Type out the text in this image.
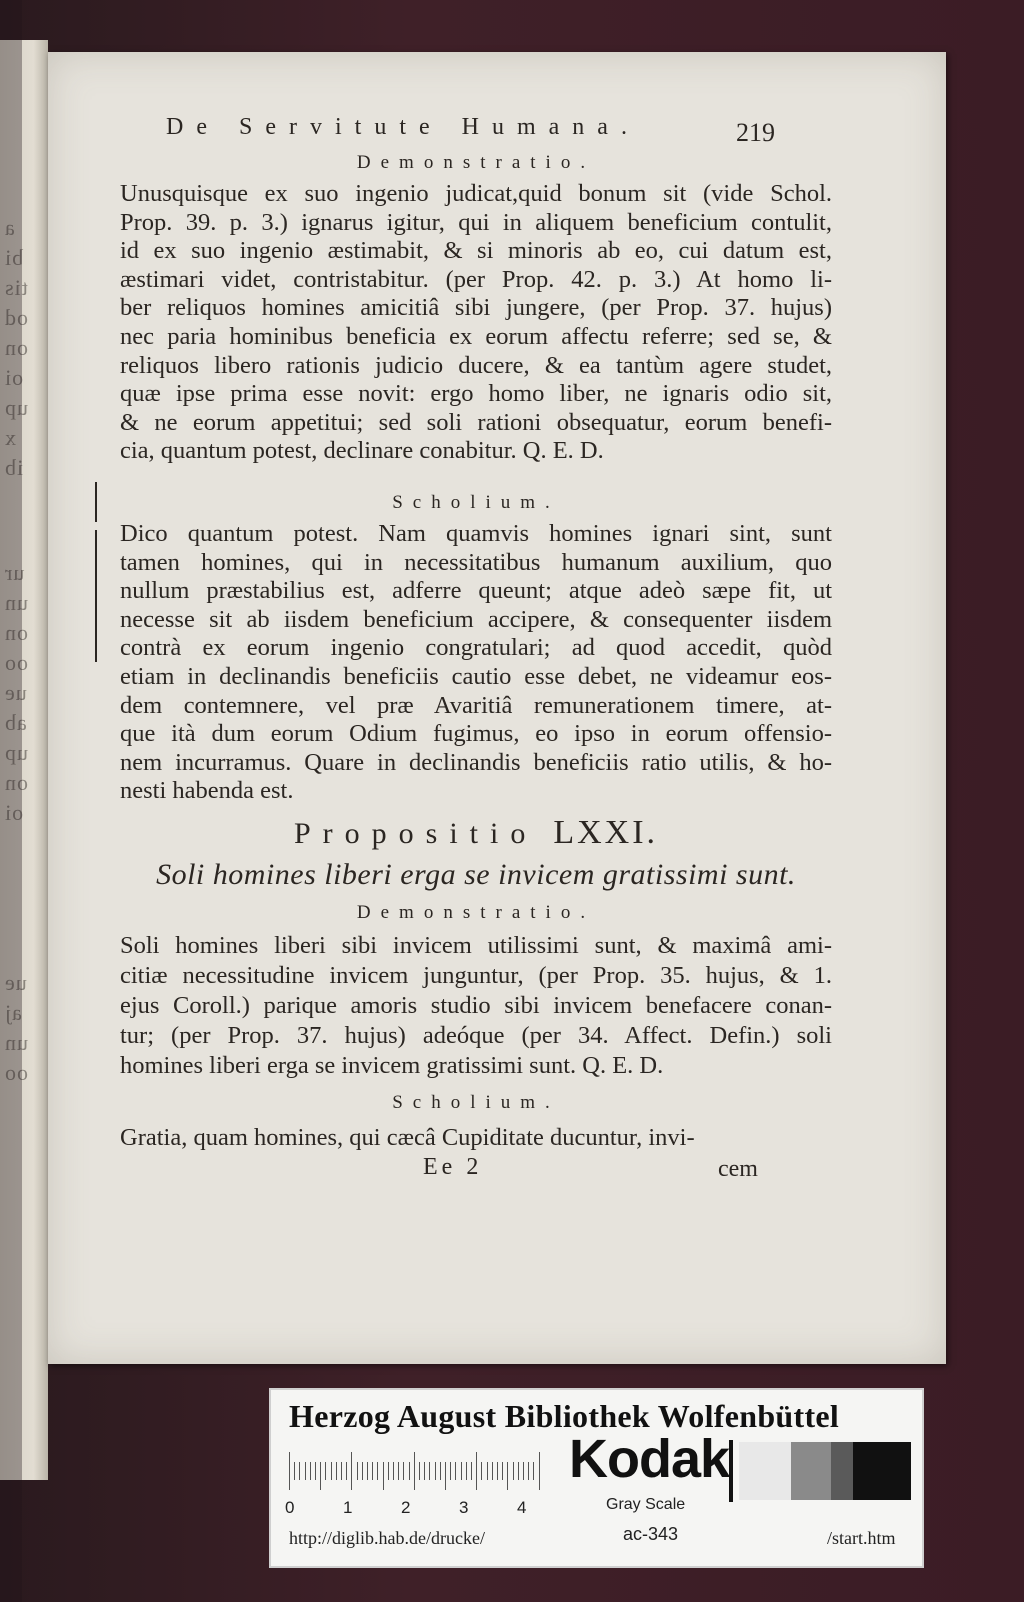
a
bi
tis
od
on
oi
up
x
ib
ur
un
on
oo
ue
ab
up
on
oi
ue
aj
un
oo
De Servitute Humana.	219
Demonstratio.

Unusquisque ex suo ingenio judicat,quid bonum sit (vide Schol.

Prop. 39. p. 3.) ignarus igitur, qui in aliquem beneficium contulit,

id ex suo ingenio æstimabit, & si minoris ab eo, cui datum est,

æstimari videt, contristabitur. (per Prop. 42. p. 3.) At homo li-

ber reliquos homines amicitiâ sibi jungere, (per Prop. 37. hujus)

nec paria hominibus beneficia ex eorum affectu referre; sed se, &

reliquos libero rationis judicio ducere, & ea tantùm agere studet,

quæ ipse prima esse novit: ergo homo liber, ne ignaris odio sit,

& ne eorum appetitui; sed soli rationi obsequatur, eorum benefi-

cia, quantum potest, declinare conabitur. Q. E. D.

Scholium.

Dico quantum potest. Nam quamvis homines ignari sint, sunt

tamen homines, qui in necessitatibus humanum auxilium, quo

nullum præstabilius est, adferre queunt; atque adeò sæpe fit, ut

necesse sit ab iisdem beneficium accipere, & consequenter iisdem

contrà ex eorum ingenio congratulari; ad quod accedit, quòd

etiam in declinandis beneficiis cautio esse debet, ne videamur eos-

dem contemnere, vel præ Avaritiâ remunerationem timere, at-

que ità dum eorum Odium fugimus, eo ipso in eorum offensio-

nem incurramus. Quare in declinandis beneficiis ratio utilis, & ho-

nesti habenda est.

Propositio LXXI.
Soli homines liberi erga se invicem gratissimi sunt.
Demonstratio.

Soli homines liberi sibi invicem utilissimi sunt, & maximâ ami-

citiæ necessitudine invicem junguntur, (per Prop. 35. hujus, & 1.

ejus Coroll.) parique amoris studio sibi invicem benefacere conan-

tur; (per Prop. 37. hujus) adeóque (per 34. Affect. Defin.) soli

homines liberi erga se invicem gratissimi sunt. Q. E. D.

Scholium.

Gratia, quam homines, qui cæcâ Cupiditate ducuntur, invi-

Ee 2	cem
Herzog August Bibliothek Wolfenbüttel
0	1	2	3	4
Kodak
Gray Scale
http://diglib.hab.de/drucke/	ac-343	/start.htm
